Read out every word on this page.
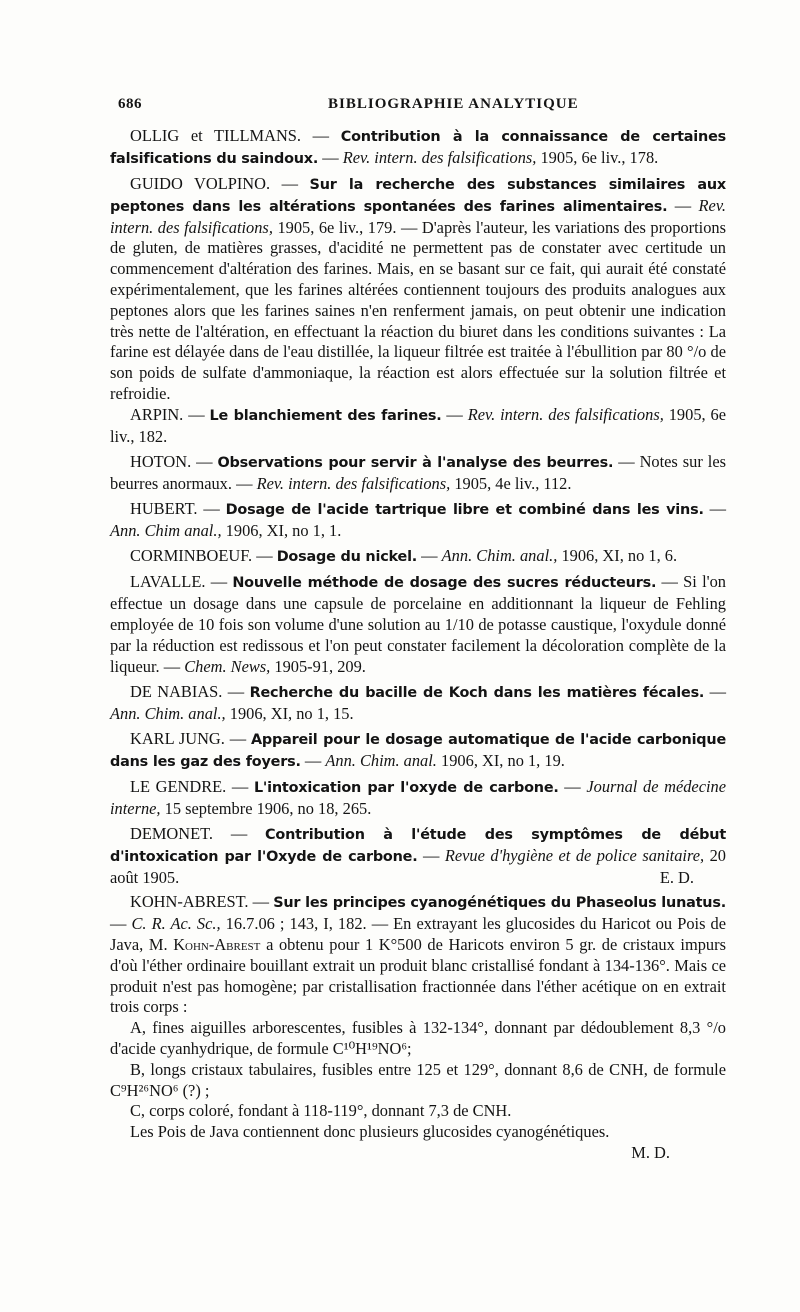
686	BIBLIOGRAPHIE ANALYTIQUE

OLLIG et TILLMANS. — Contribution à la connaissance de certaines falsifications du saindoux. — Rev. intern. des falsifications, 1905, 6e liv., 178.

GUIDO VOLPINO. — Sur la recherche des substances similaires aux peptones dans les altérations spontanées des farines alimentaires. — Rev. intern. des falsifications, 1905, 6e liv., 179. — D'après l'auteur, les variations des proportions de gluten, de matières grasses, d'acidité ne permettent pas de constater avec certitude un commencement d'altération des farines. Mais, en se basant sur ce fait, qui aurait été constaté expérimentalement, que les farines altérées contiennent toujours des produits analogues aux peptones alors que les farines saines n'en renferment jamais, on peut obtenir une indication très nette de l'altération, en effectuant la réaction du biuret dans les conditions suivantes : La farine est délayée dans de l'eau distillée, la liqueur filtrée est traitée à l'ébullition par 80 °/o de son poids de sulfate d'ammoniaque, la réaction est alors effectuée sur la solution filtrée et refroidie.

ARPIN. — Le blanchiement des farines. — Rev. intern. des falsifications, 1905, 6e liv., 182.

HOTON. — Observations pour servir à l'analyse des beurres. — Notes sur les beurres anormaux. — Rev. intern. des falsifications, 1905, 4e liv., 112.

HUBERT. — Dosage de l'acide tartrique libre et combiné dans les vins. — Ann. Chim anal., 1906, XI, no 1, 1.

CORMINBOEUF. — Dosage du nickel. — Ann. Chim. anal., 1906, XI, no 1, 6.

LAVALLE. — Nouvelle méthode de dosage des sucres réducteurs. — Si l'on effectue un dosage dans une capsule de porcelaine en additionnant la liqueur de Fehling employée de 10 fois son volume d'une solution au 1/10 de potasse caustique, l'oxydule donné par la réduction est redissous et l'on peut constater facilement la décoloration complète de la liqueur. — Chem. News, 1905-91, 209.

DE NABIAS. — Recherche du bacille de Koch dans les matières fécales. — Ann. Chim. anal., 1906, XI, no 1, 15.

KARL JUNG. — Appareil pour le dosage automatique de l'acide carbonique dans les gaz des foyers. — Ann. Chim. anal. 1906, XI, no 1, 19.

LE GENDRE. — L'intoxication par l'oxyde de carbone. — Journal de médecine interne, 15 septembre 1906, no 18, 265.

DEMONET. — Contribution à l'étude des symptômes de début d'intoxication par l'Oxyde de carbone. — Revue d'hygiène et de police sanitaire, 20 août 1905.	E. D.

KOHN-ABREST. — Sur les principes cyanogénétiques du Phaseolus lunatus. — C. R. Ac. Sc., 16.7.06 ; 143, I, 182. — En extrayant les glucosides du Haricot ou Pois de Java, M. Kohn-Abrest a obtenu pour 1 K°500 de Haricots environ 5 gr. de cristaux impurs d'où l'éther ordinaire bouillant extrait un produit blanc cristallisé fondant à 134-136°. Mais ce produit n'est pas homogène; par cristallisation fractionnée dans l'éther acétique on en extrait trois corps :

A, fines aiguilles arborescentes, fusibles à 132-134°, donnant par dédoublement 8,3 °/o d'acide cyanhydrique, de formule C¹⁰H¹⁹NO⁶;

B, longs cristaux tabulaires, fusibles entre 125 et 129°, donnant 8,6 de CNH, de formule C⁹H²⁶NO⁶ (?) ;

C, corps coloré, fondant à 118-119°, donnant 7,3 de CNH.

Les Pois de Java contiennent donc plusieurs glucosides cyanogénétiques.

M. D.
